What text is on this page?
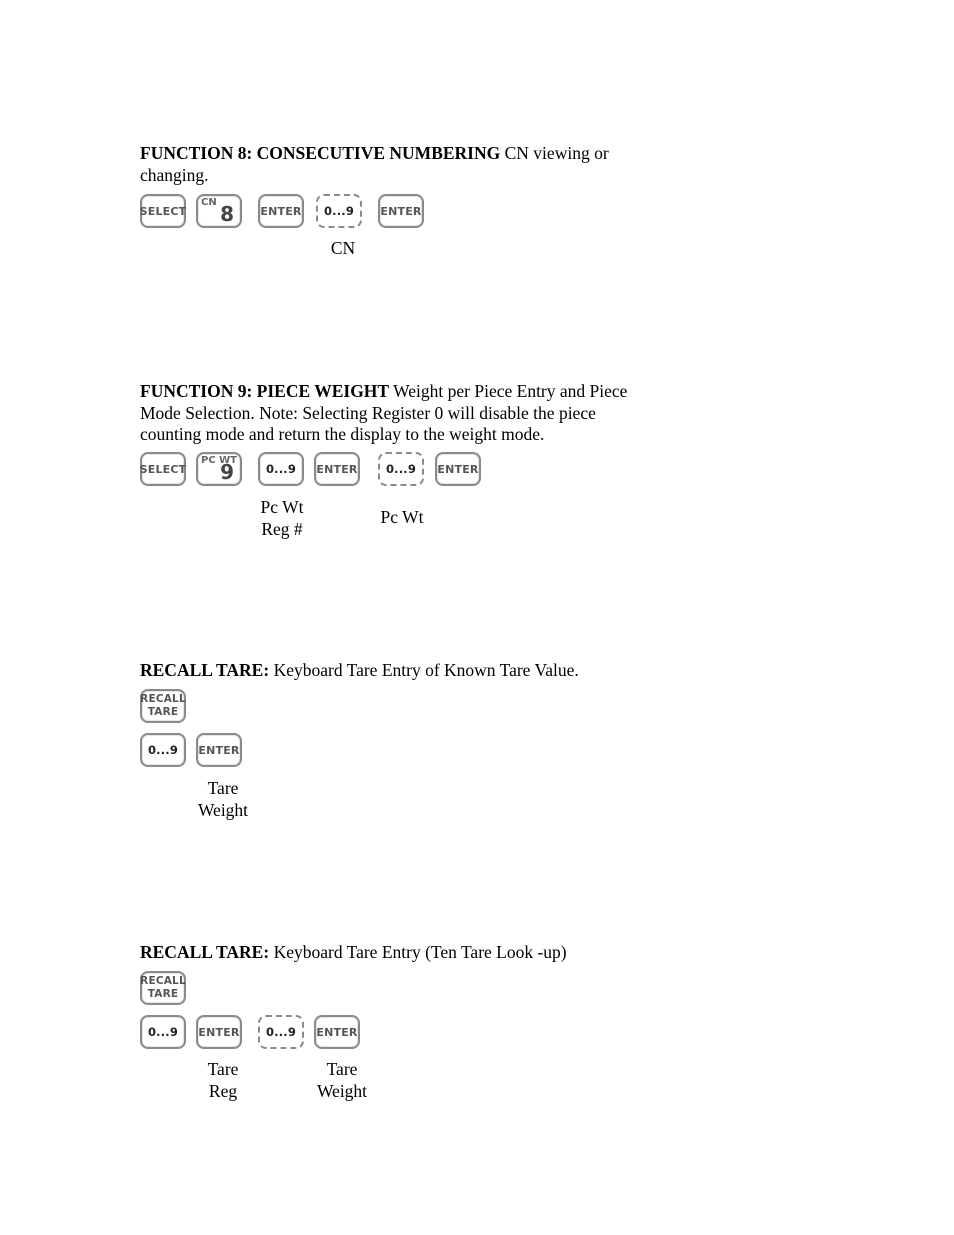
FUNCTION 8: CONSECUTIVE NUMBERING CN viewing or
changing.

SELECT
CN 8 ENTER	0...9	ENTER
CN

FUNCTION 9: PIECE WEIGHT Weight per Piece Entry and Piece
Mode Selection. Note: Selecting Register 0 will disable the piece
counting mode and return the display to the weight mode.

SELECT
PC WT
9	0...9	ENTER	0...9	ENTER
Pc Wt
Reg #
Pc Wt

RECALL TARE: Keyboard Tare Entry of Known Tare Value.

RECALL
TARE
0...9	ENTER
Tare
Weight

RECALL TARE: Keyboard Tare Entry (Ten Tare Look -up)

RECALL
TARE
0...9	ENTER	0...9	ENTER
Tare
Reg
Tare
Weight
